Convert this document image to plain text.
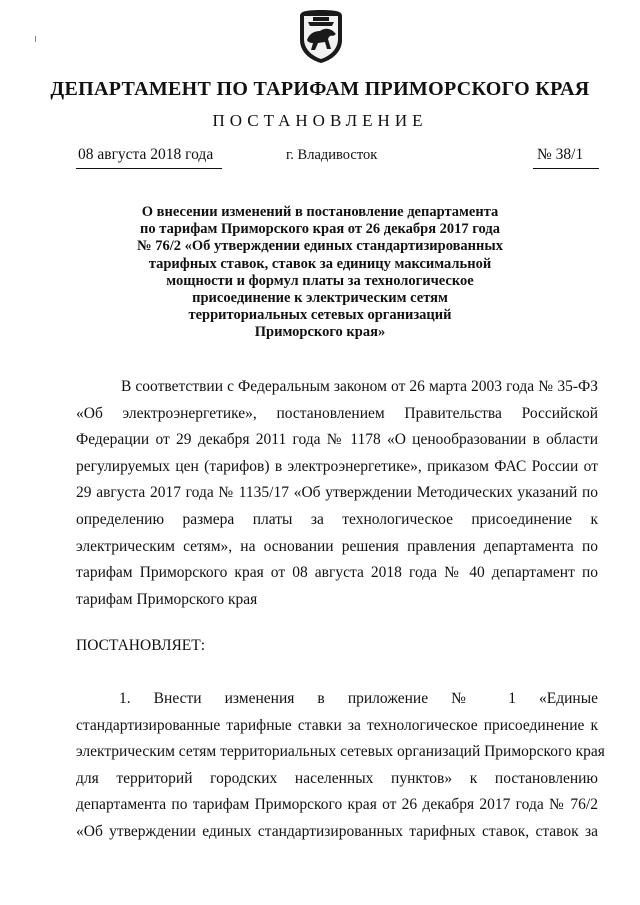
ДЕПАРТАМЕНТ ПО ТАРИФАМ ПРИМОРСКОГО КРАЯ
ПОСТАНОВЛЕНИЕ
08 августа 2018 года	г. Владивосток	№ 38/1
О внесении изменений в постановление департамента
по тарифам Приморского края от 26 декабря 2017 года
№ 76/2 «Об утверждении единых стандартизированных
тарифных ставок, ставок за единицу максимальной
мощности и формул платы за технологическое
присоединение к электрическим сетям
территориальных сетевых организаций
Приморского края»
В соответствии с Федеральным законом от 26 марта 2003 года № 35-ФЗ
«Об электроэнергетике», постановлением Правительства Российской
Федерации от 29 декабря 2011 года № 1178 «О ценообразовании в области
регулируемых цен (тарифов) в электроэнергетике», приказом ФАС России от
29 августа 2017 года № 1135/17 «Об утверждении Методических указаний по
определению размера платы за технологическое присоединение к
электрическим сетям», на основании решения правления департамента по
тарифам Приморского края от 08 августа 2018 года № 40 департамент по
тарифам Приморского края
ПОСТАНОВЛЯЕТ:
1. Внести изменения в приложение № 1 «Единые
стандартизированные тарифные ставки за технологическое присоединение к
электрическим сетям территориальных сетевых организаций Приморского края
для территорий городских населенных пунктов» к постановлению
департамента по тарифам Приморского края от 26 декабря 2017 года № 76/2
«Об утверждении единых стандартизированных тарифных ставок, ставок за
